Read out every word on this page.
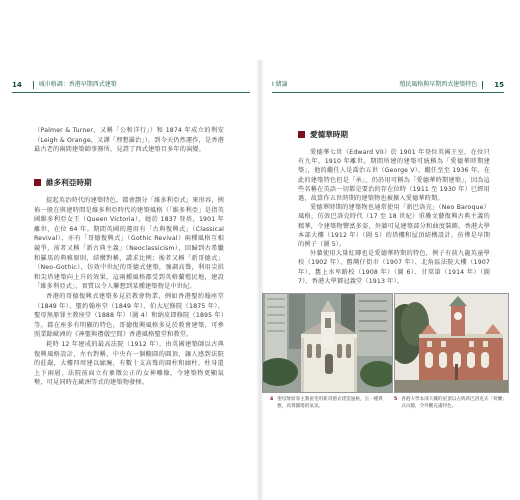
14	城市格調：香港早期西式建築	I 緒論	殖民風格與早期西式建築特色 15

（Palmer & Turner，又稱「公和洋行」）和 1874 年成立的利安（Leigh & Orange，又譯「理想羅治」），到今天仍然運作，是香港最古老的兩間建築師事務所，見證了西式建築百多年的演變。

維多利亞時期

提起英治時代的建築特色，都會劃分「維多利亞式」來形容，例佈一般在與建時間是維多利亞時代的建築風格（「維多利亞」是指英國維多利亞女王（Queen Victoria），她於 1837 登基，1901 年離世，在位 64 年。期間英國的運用有「古典復興式」（Classical Revival）、亦有「哥德復興式」（Gothic Revival）兩種風格互相競爭，前者又稱「新古典主義」（Neoclassicism），回歸到古希臘和羅馬的典雅原則，結構對稱，講求比例；後者又稱「新哥德式」（Neo-Gothic），仿效中世紀的哥德式建築，強調高聳，利用尖拱和尖塔建築向上升的效果，這兩種風格都受到英格蘭殖民地，建設「維多利亞式」，實質以令人聯想到某種建築物是中世紀。

香港的哥德復興式建築多見於教會物業，例如香港聖約翰座堂（1849 年）、聖約翰座堂（1849 年）、伯大尼修院（1875 年）、聖母無原罪主教座堂（1888 年）（圖 4）和納皮即修院（1895 年）等。都在座多有明顯的特色，哥德復興風格多見於教會建築，可參照業餘歐洲的《神聖與禮儀空間》香港風格聖堂和教堂。

耗時 12 年建成的最高法院（1912 年），由英國建築師以古典復興風格設計，左右對稱，中央有一個橢圓的圓頂，讓人感到法院的莊嚴，大樓四周建以廊廡，有數十支高聳的圓柱和廊柱，柱身還上下兩層，法院前面立有象徵公正的女神雕像，令建築物更顯氣勢，可見同時在歐洲等式的建築物發揮。

愛德華時期

愛德華七世（Edward VII）於 1901 年登位英國王室，在位只有九年，1910 年離世。期間所建的建築可統稱為「愛德華時期建築」，他的繼任人是喬治五世（George V），繼任至至 1936 年，在此的建築特色但是「承」，仍沿用可稱為「愛德華時期建築」，因為這些名稱在英語一切都是要治的存在位時（1911 至 1930 年）已經用過，故算作五世時期的建築物也被擴入愛德華時期。

愛德華時期的建築物也通常使用「新巴洛克」（Neo Baroque）風格，仿效巴洛克時代（17 至 18 世紀）重疊文藝復興古典主義的精華，令建築物豐富多姿，外牆可見建築部分和曲度裝飾，香港大學本部大樓（1912 年）（圖 5）的塔樓和屋頂結構設計，彷彿是早期的例子（圖 5）。

外牆使用大量紅磚也是愛德華時期的特色，例子有前九龍英童學校（1902 年）、舊灣仔街市（1907 年）、北角區法院大樓（1907 年）、舊上水卑路校（1908 年）（圖 6）、甘棠第（1914 年）（圖 7）、香港大學鄧冠義堂（1913 年）。

4 聖母無原罪主教座堂用新哥德式建造風格，呈一種典雅，高聳圓塔的氣氛。
5 香港大學本部大樓的屋頂以古典新巴洛克式「荷蘭」式山牆，令外觀充滿特色。
